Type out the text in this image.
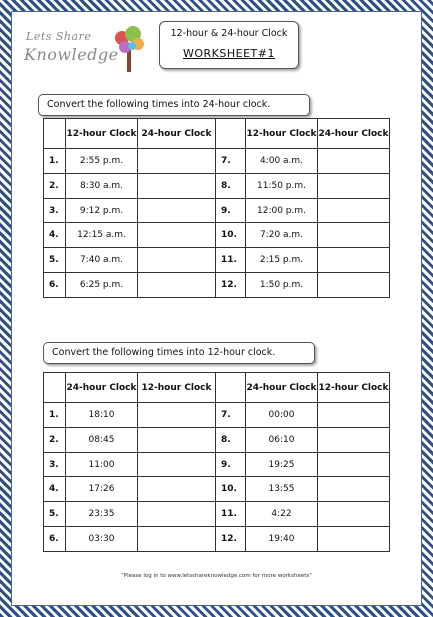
Lets Share
Knowledge
12-hour & 24-hour Clock
WORKSHEET#1
Convert the following times into 24-hour clock.
	12-hour Clock	24-hour Clock		12-hour Clock	24-hour Clock
1.	2:55 p.m.		7.	4:00 a.m.	
2.	8:30 a.m.		8.	11:50 p.m.	
3.	9:12 p.m.		9.	12:00 p.m.	
4.	12:15 a.m.		10.	7:20 a.m.	
5.	7:40 a.m.		11.	2:15 p.m.	
6.	6:25 p.m.		12.	1:50 p.m.	
Convert the following times into 12-hour clock.
	24-hour Clock	12-hour Clock		24-hour Clock	12-hour Clock
1.	18:10		7.	00:00	
2.	08:45		8.	06:10	
3.	11:00		9.	19:25	
4.	17:26		10.	13:55	
5.	23:35		11.	4:22	
6.	03:30		12.	19:40	
"Please log in to www.letsshareknowledge.com for more worksheets"
